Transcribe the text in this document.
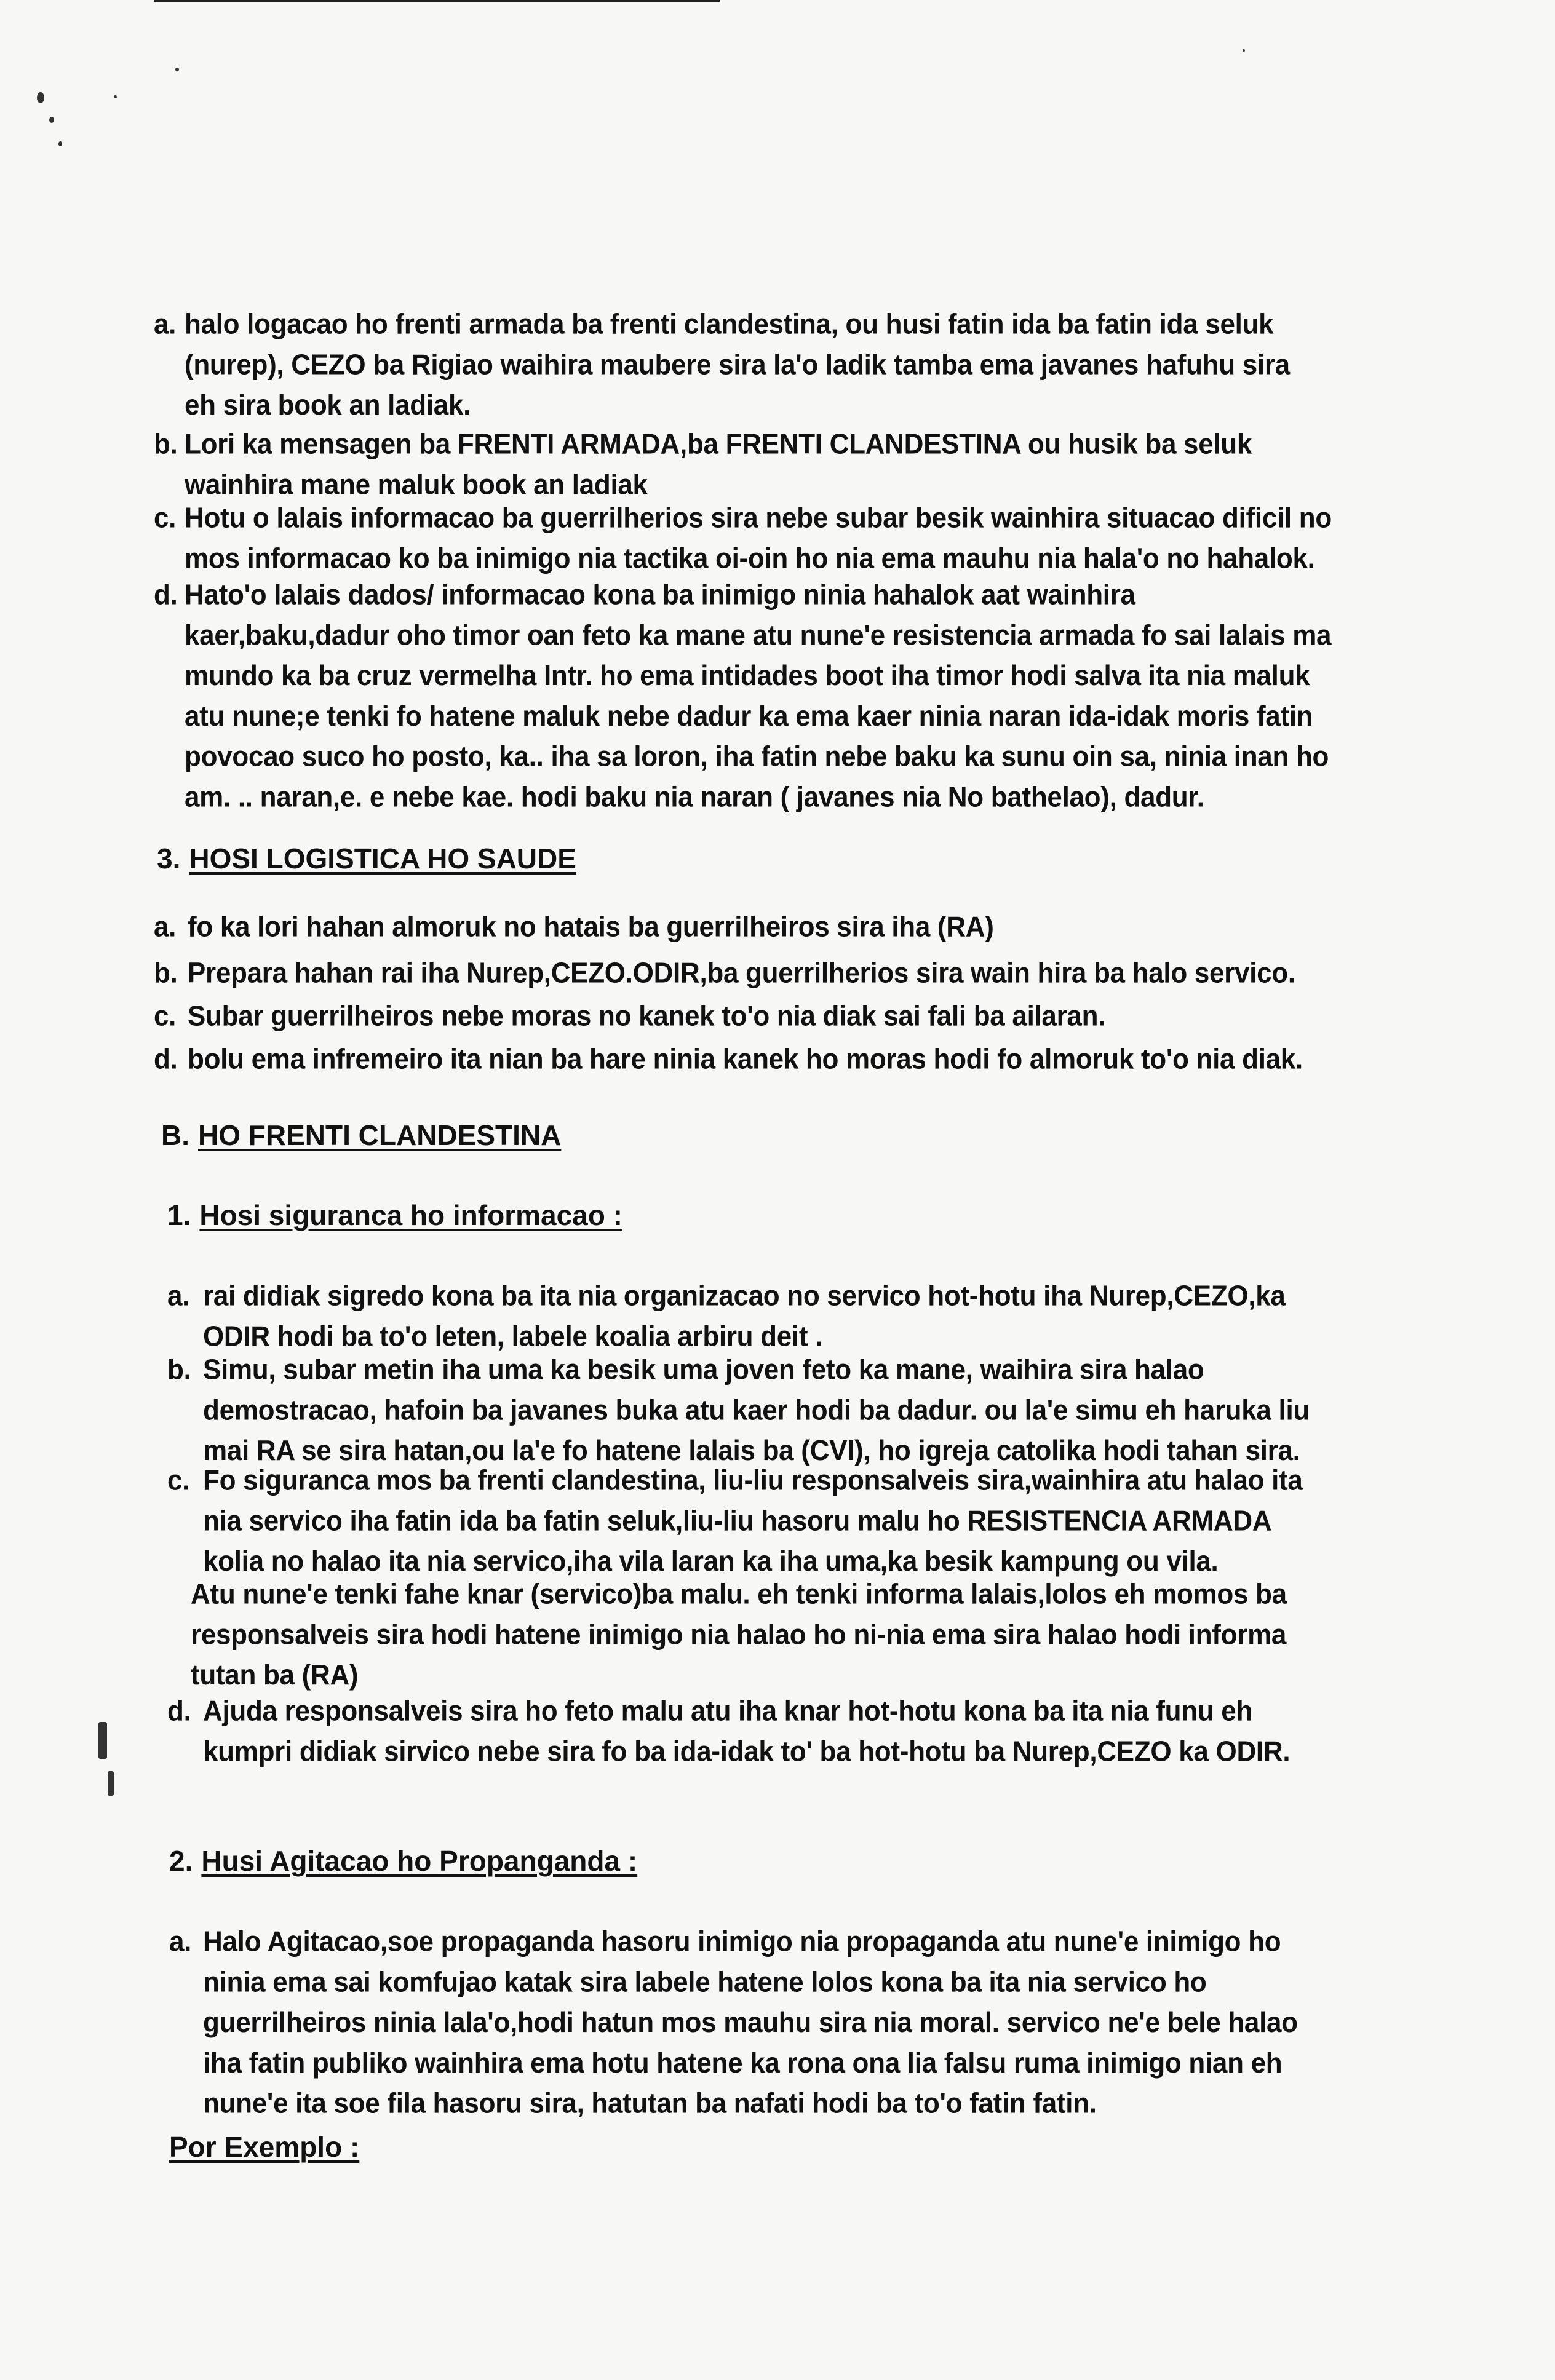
a. halo logacao ho frenti armada ba frenti clandestina, ou husi fatin ida ba fatin ida seluk
(nurep), CEZO ba Rigiao waihira maubere sira la'o ladik tamba ema javanes hafuhu sira
eh sira book an ladiak.
b. Lori ka mensagen ba FRENTI ARMADA,ba FRENTI CLANDESTINA ou husik ba seluk
wainhira mane maluk book an ladiak
c. Hotu o lalais informacao ba guerrilherios sira nebe subar besik wainhira situacao dificil no
mos informacao ko ba inimigo nia tactika oi-oin ho nia ema mauhu nia hala'o no hahalok.
d. Hato'o lalais dados/ informacao kona ba inimigo ninia hahalok aat wainhira
kaer,baku,dadur oho timor oan feto ka mane atu nune'e resistencia armada fo sai lalais ma
mundo ka ba cruz vermelha Intr. ho ema intidades boot iha timor hodi salva ita nia maluk
atu nune;e tenki fo hatene maluk nebe dadur ka ema kaer ninia naran ida-idak moris fatin
povocao suco ho posto, ka.. iha sa loron, iha fatin nebe baku ka sunu oin sa, ninia inan ho
am. .. naran,e. e nebe kae. hodi baku nia naran ( javanes nia No bathelao), dadur.
3. HOSI LOGISTICA HO SAUDE
a. fo ka lori hahan almoruk no hatais ba guerrilheiros sira iha (RA)
b. Prepara hahan rai iha Nurep,CEZO.ODIR,ba guerrilherios sira wain hira ba halo servico.
c. Subar guerrilheiros nebe moras no kanek to'o nia diak sai fali ba ailaran.
d. bolu ema infremeiro ita nian ba hare ninia kanek ho moras hodi fo almoruk to'o nia diak.
B. HO FRENTI CLANDESTINA
1. Hosi siguranca ho informacao :
a. rai didiak sigredo kona ba ita nia organizacao no servico hot-hotu iha Nurep,CEZO,ka
ODIR hodi ba to'o leten, labele koalia arbiru deit .
b. Simu, subar metin iha uma ka besik uma joven feto ka mane, waihira sira halao
demostracao, hafoin ba javanes buka atu kaer hodi ba dadur. ou la'e simu eh haruka liu
mai RA se sira hatan,ou la'e fo hatene lalais ba (CVI), ho igreja catolika hodi tahan sira.
c. Fo siguranca mos ba frenti clandestina, liu-liu responsalveis sira,wainhira atu halao ita
nia servico iha fatin ida ba fatin seluk,liu-liu hasoru malu ho RESISTENCIA ARMADA
kolia no halao ita nia servico,iha vila laran ka iha uma,ka besik kampung ou vila.
Atu nune'e tenki fahe knar (servico)ba malu. eh tenki informa lalais,lolos eh momos ba
responsalveis sira hodi hatene inimigo nia halao ho ni-nia ema sira halao hodi informa
tutan ba (RA)
d. Ajuda responsalveis sira ho feto malu atu iha knar hot-hotu kona ba ita nia funu eh
kumpri didiak sirvico nebe sira fo ba ida-idak to' ba hot-hotu ba Nurep,CEZO ka ODIR.
2. Husi Agitacao ho Propanganda :
a. Halo Agitacao,soe propaganda hasoru inimigo nia propaganda atu nune'e inimigo ho
ninia ema sai komfujao katak sira labele hatene lolos kona ba ita nia servico ho
guerrilheiros ninia lala'o,hodi hatun mos mauhu sira nia moral. servico ne'e bele halao
iha fatin publiko wainhira ema hotu hatene ka rona ona lia falsu ruma inimigo nian eh
nune'e ita soe fila hasoru sira, hatutan ba nafati hodi ba to'o fatin fatin.
Por Exemplo :
